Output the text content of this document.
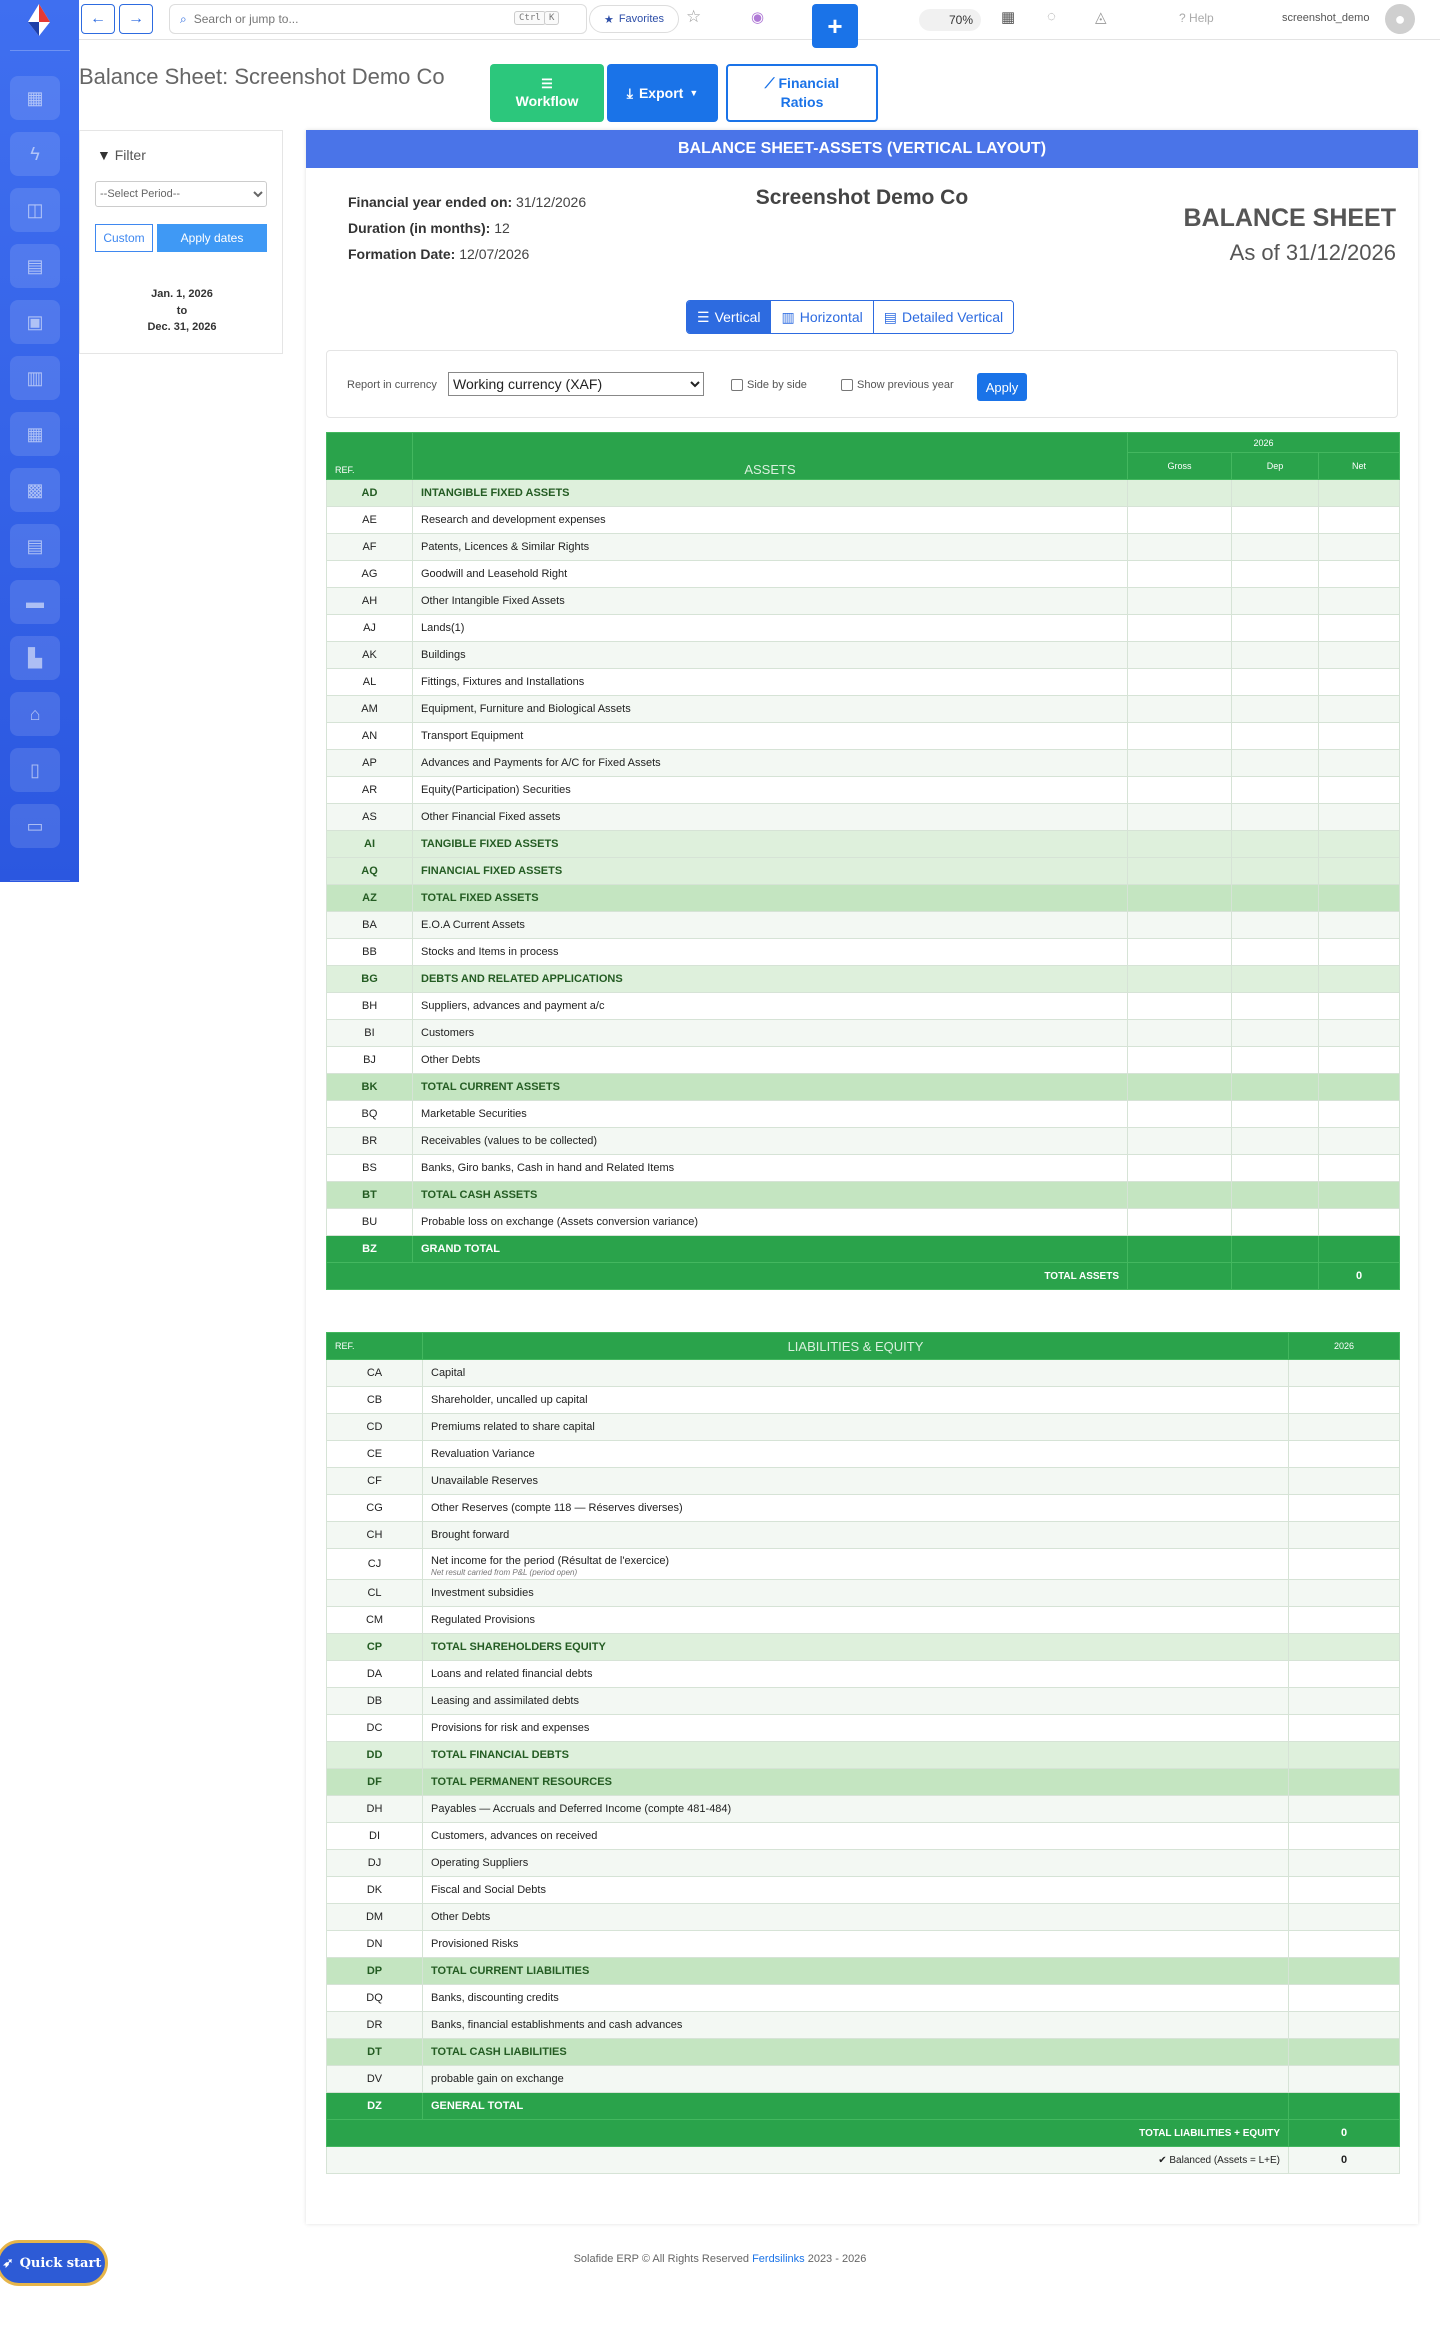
▦
ϟ
◫
▤
▣
▥
▦
▩
▤
▬
▙
⌂
▯
▭
←	→	⌕ Search or jump to...	Ctrl K	★ Favorites ☆	◉	+	70%	▦ ◌	◬	? Help	screenshot_demo	●
Balance Sheet: Screenshot Demo Co	☰
Workflow
⤓ Export ▼
⟋ Financial
Ratios
▼ Filter
--Select Period--
Custom	Apply dates
Jan. 1, 2026
to
Dec. 31, 2026
BALANCE SHEET-ASSETS (VERTICAL LAYOUT)
Financial year ended on: 31/12/2026
Duration (in months): 12
Formation Date: 12/07/2026
Screenshot Demo Co
BALANCE SHEET
As of 31/12/2026
☰ Vertical ▥ Horizontal ▤ Detailed Vertical
Report in currency
Working currency (XAF)	Side by side	Show previous year	Apply
REF.	ASSETS	2026		
		Gross	Dep	Net
AD	INTANGIBLE FIXED ASSETS			
AE	Research and development expenses			
AF	Patents, Licences & Similar Rights			
AG	Goodwill and Leasehold Right			
AH	Other Intangible Fixed Assets			
AJ	Lands(1)			
AK	Buildings			
AL	Fittings, Fixtures and Installations			
AM	Equipment, Furniture and Biological Assets			
AN	Transport Equipment			
AP	Advances and Payments for A/C for Fixed Assets			
AR	Equity(Participation) Securities			
AS	Other Financial Fixed assets			
AI	TANGIBLE FIXED ASSETS			
AQ	FINANCIAL FIXED ASSETS			
AZ	TOTAL FIXED ASSETS			
BA	E.O.A Current Assets			
BB	Stocks and Items in process			
BG	DEBTS AND RELATED APPLICATIONS			
BH	Suppliers, advances and payment a/c			
BI	Customers			
BJ	Other Debts			
BK	TOTAL CURRENT ASSETS			
BQ	Marketable Securities			
BR	Receivables (values to be collected)			
BS	Banks, Giro banks, Cash in hand and Related Items			
BT	TOTAL CASH ASSETS			
BU	Probable loss on exchange (Assets conversion variance)			
BZ	GRAND TOTAL			
TOTAL ASSETS				0
REF.	LIABILITIES & EQUITY	2026
CA	Capital	
CB	Shareholder, uncalled up capital	
CD	Premiums related to share capital	
CE	Revaluation Variance	
CF	Unavailable Reserves	
CG	Other Reserves (compte 118 — Réserves diverses)	
CH	Brought forward	
CJ	Net income for the period (Résultat de l'exercice)
Net result carried from P&L (period open)	

CL	Investment subsidies	
CM	Regulated Provisions	
CP	TOTAL SHAREHOLDERS EQUITY	
DA	Loans and related financial debts	
DB	Leasing and assimilated debts	
DC	Provisions for risk and expenses	
DD	TOTAL FINANCIAL DEBTS	
DF	TOTAL PERMANENT RESOURCES	
DH	Payables — Accruals and Deferred Income (compte 481-484)	
DI	Customers, advances on received	
DJ	Operating Suppliers	
DK	Fiscal and Social Debts	
DM	Other Debts	
DN	Provisioned Risks	
DP	TOTAL CURRENT LIABILITIES	
DQ	Banks, discounting credits	
DR	Banks, financial establishments and cash advances	
DT	TOTAL CASH LIABILITIES	
DV	probable gain on exchange	
DZ	GENERAL TOTAL	
TOTAL LIABILITIES + EQUITY		0
✔ Balanced (Assets = L+E)		0
Solafide ERP © All Rights Reserved Ferdsilinks 2023 - 2026
➶ Quick start
